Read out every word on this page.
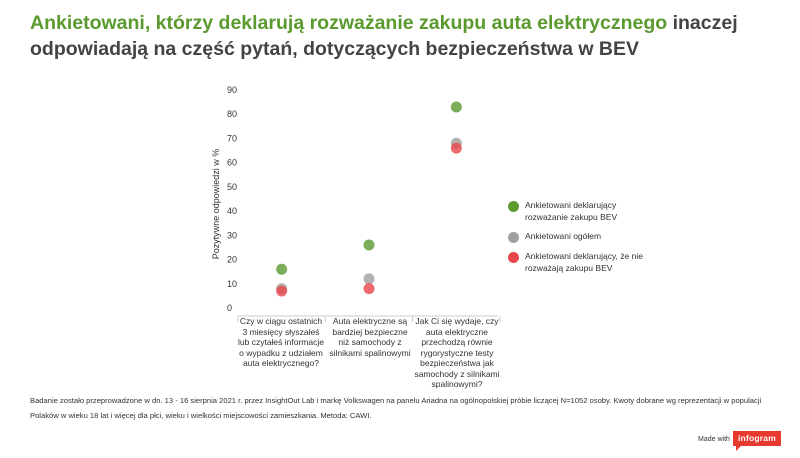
Ankietowani, którzy deklarują rozważanie zakupu auta elektrycznego inaczej odpowiadają na część pytań, dotyczących bezpieczeństwa w BEV
0
10
20
30
40
50
60
70
80
90
Pozytywne odpowiedzi w %
Czy w ciągu ostatnich 3 miesięcy słyszałeś lub czytałeś informacje o wypadku z udziałem auta elektrycznego?
Auta elektryczne są bardziej bezpieczne niż samochody z silnikami spalinowymi
Jak Ci się wydaje, czy auta elektryczne przechodzą równie rygorystyczne testy bezpieczeństwa jak samochody z silnikami spalinowymi?
Ankietowani deklarujący rozważanie zakupu BEV
Ankietowani ogółem
Ankietowani deklarujący, że nie rozważają zakupu BEV
Badanie zostało przeprowadzone w dn. 13 - 16 sierpnia 2021 r. przez InsightOut Lab i markę Volkswagen na panelu Ariadna na ogólnopolskiej próbie liczącej N=1052 osoby. Kwoty dobrane wg reprezentacji w populacji
Polaków w wieku 18 lat i więcej dla płci, wieku i wielkości miejscowości zamieszkania. Metoda: CAWI.
Made with infogram
